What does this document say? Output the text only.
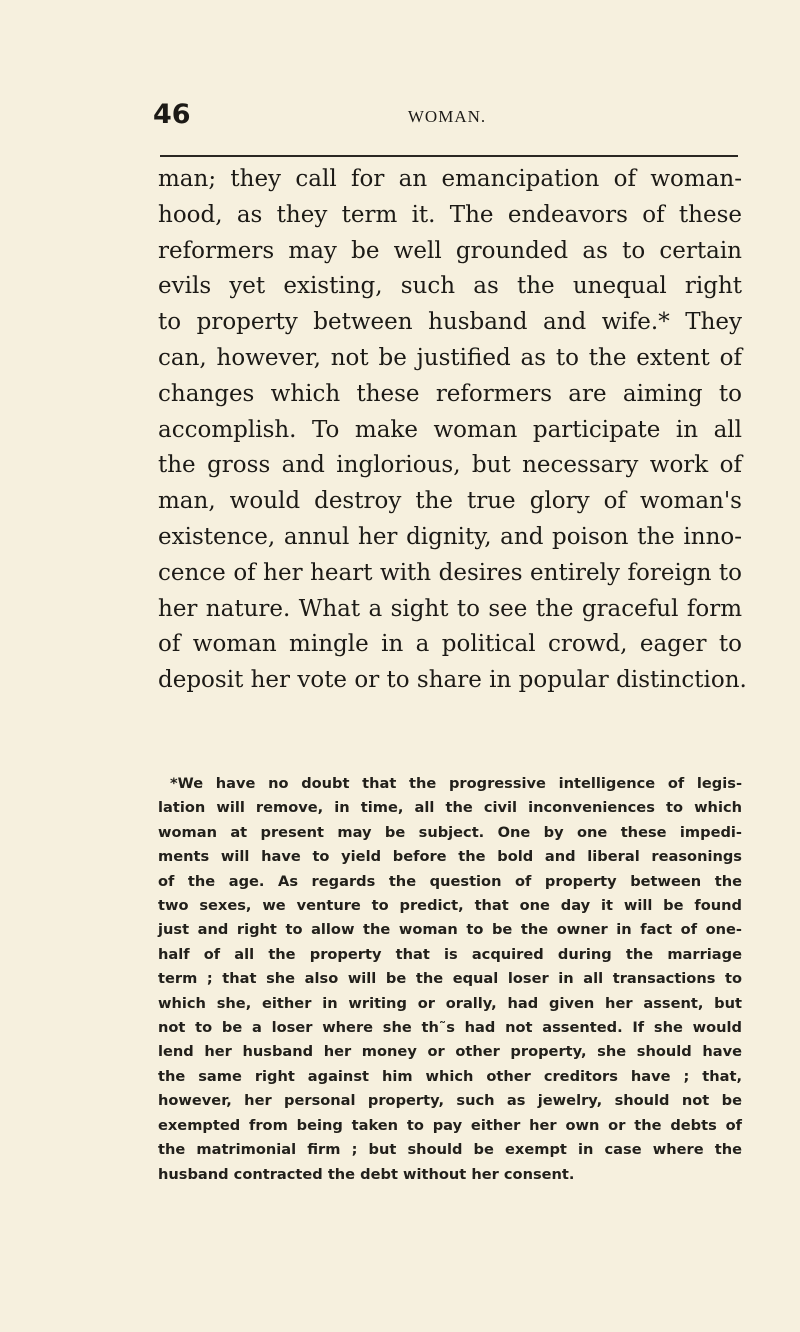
46	WOMAN.

man; they call for an emancipation of woman-
hood, as they term it. The endeavors of these
reformers may be well grounded as to certain
evils yet existing, such as the unequal right
to property between husband and wife.* They
can, however, not be justified as to the extent of
changes which these reformers are aiming to
accomplish. To make woman participate in all
the gross and inglorious, but necessary work of
man, would destroy the true glory of woman's
existence, annul her dignity, and poison the inno-
cence of her heart with desires entirely foreign to
her nature. What a sight to see the graceful form
of woman mingle in a political crowd, eager to
deposit her vote or to share in popular distinction.

*We have no doubt that the progressive intelligence of legis-
lation will remove, in time, all the civil inconveniences to which
woman at present may be subject. One by one these impedi-
ments will have to yield before the bold and liberal reasonings
of the age. As regards the question of property between the
two sexes, we venture to predict, that one day it will be found
just and right to allow the woman to be the owner in fact of one-
half of all the property that is acquired during the marriage
term ; that she also will be the equal loser in all transactions to
which she, either in writing or orally, had given her assent, but
not to be a loser where she th˜s had not assented. If she would
lend her husband her money or other property, she should have
the same right against him which other creditors have ; that,
however, her personal property, such as jewelry, should not be
exempted from being taken to pay either her own or the debts of
the matrimonial firm ; but should be exempt in case where the
husband contracted the debt without her consent.
